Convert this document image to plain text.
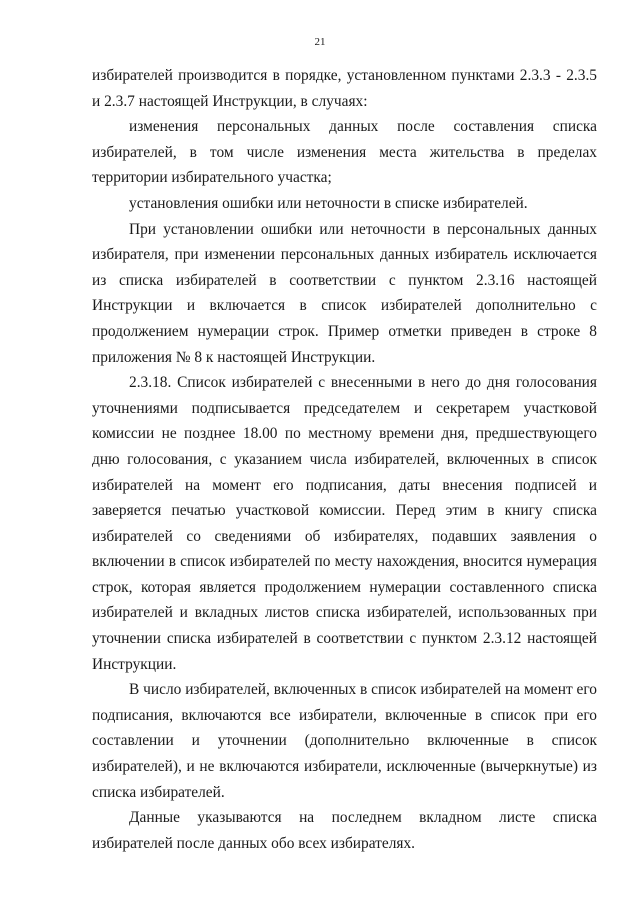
21

избирателей производится в порядке, установленном пунктами 2.3.3 - 2.3.5 и 2.3.7 настоящей Инструкции, в случаях:

изменения персональных данных после составления списка избирателей, в том числе изменения места жительства в пределах территории избирательного участка;

установления ошибки или неточности в списке избирателей.

При установлении ошибки или неточности в персональных данных избирателя, при изменении персональных данных избиратель исключается из списка избирателей в соответствии с пунктом 2.3.16 настоящей Инструкции и включается в список избирателей дополнительно с продолжением нумерации строк. Пример отметки приведен в строке 8 приложения № 8 к настоящей Инструкции.

2.3.18. Список избирателей с внесенными в него до дня голосования уточнениями подписывается председателем и секретарем участковой комиссии не позднее 18.00 по местному времени дня, предшествующего дню голосования, с указанием числа избирателей, включенных в список избирателей на момент его подписания, даты внесения подписей и заверяется печатью участковой комиссии. Перед этим в книгу списка избирателей со сведениями об избирателях, подавших заявления о включении в список избирателей по месту нахождения, вносится нумерация строк, которая является продолжением нумерации составленного списка избирателей и вкладных листов списка избирателей, использованных при уточнении списка избирателей в соответствии с пунктом 2.3.12 настоящей Инструкции.

В число избирателей, включенных в список избирателей на момент его подписания, включаются все избиратели, включенные в список при его составлении и уточнении (дополнительно включенные в список избирателей), и не включаются избиратели, исключенные (вычеркнутые) из списка избирателей.

Данные указываются на последнем вкладном листе списка избирателей после данных обо всех избирателях.
